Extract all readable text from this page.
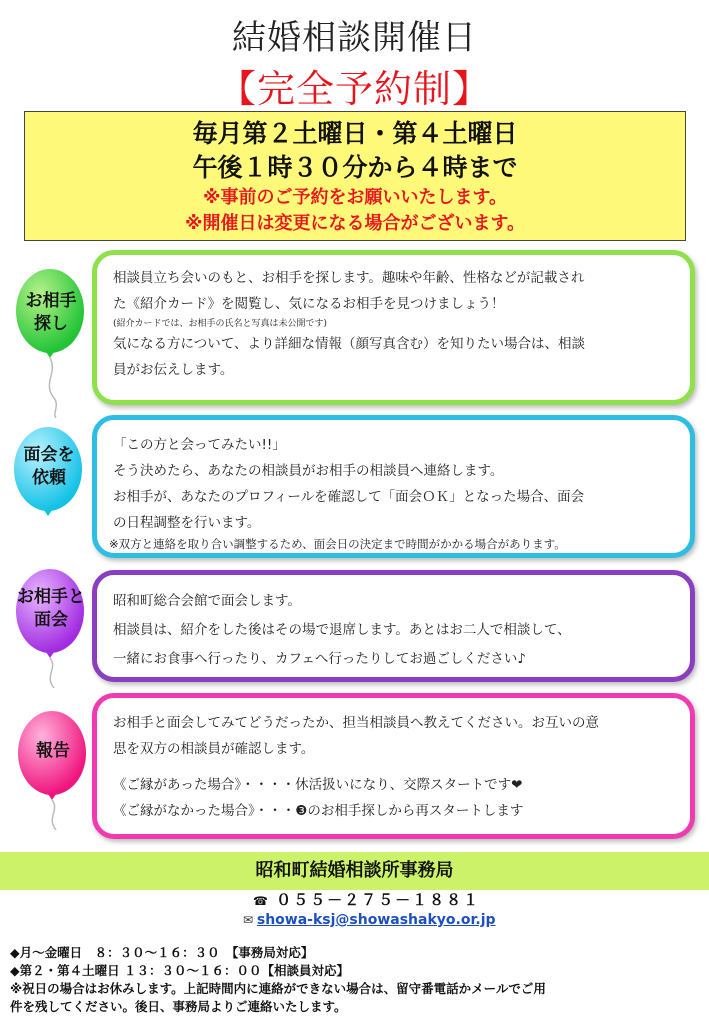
結婚相談開催日
【完全予約制】
毎月第２土曜日・第４土曜日
午後１時３０分から４時まで
※事前のご予約をお願いいたします。
※開催日は変更になる場合がございます。
お相手
探し
相談員立ち会いのもと、お相手を探します。趣味や年齢、性格などが記載され
た《紹介カード》を閲覧し、気になるお相手を見つけましょう！
(紹介カードでは、お相手の氏名と写真は未公開です)
気になる方について、より詳細な情報（顔写真含む）を知りたい場合は、相談
員がお伝えします。
面会を
依頼
「この方と会ってみたい!!」
そう決めたら、あなたの相談員がお相手の相談員へ連絡します。
お相手が、あなたのプロフィールを確認して「面会ＯＫ」となった場合、面会
の日程調整を行います。
※双方と連絡を取り合い調整するため、面会日の決定まで時間がかかる場合があります。
お相手と
面会
昭和町総合会館で面会します。
相談員は、紹介をした後はその場で退席します。あとはお二人で相談して、
一緒にお食事へ行ったり、カフェへ行ったりしてお過ごしください♪
報告
お相手と面会してみてどうだったか、担当相談員へ教えてください。お互いの意
思を双方の相談員が確認します。
《ご縁があった場合》・・・・休活扱いになり、交際スタートです❤
《ご縁がなかった場合》・・・❸のお相手探しから再スタートします
昭和町結婚相談所事務局
☎ ０５５－２７５－１８８１
✉ showa-ksj@showashakyo.or.jp
◆月～金曜日　８：３０～１６：３０　【事務局対応】
◆第２・第４土曜日 １３：３０～１６：００【相談員対応】
※祝日の場合はお休みします。上記時間内に連絡ができない場合は、留守番電話かメールでご用
件を残してください。後日、事務局よりご連絡いたします。
